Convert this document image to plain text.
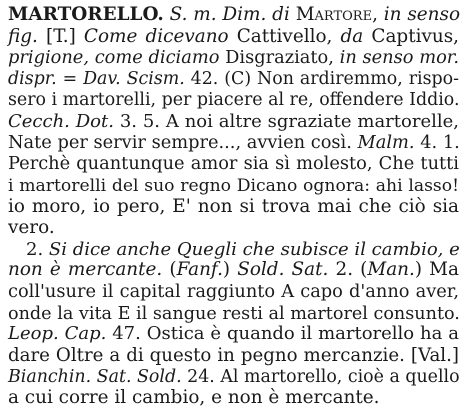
MARTORELLO. S. m. Dim. di Martore, in senso
fig. [T.] Come dicevano Cattivello, da Captivus,
prigione, come diciamo Disgraziato, in senso mor.
dispr. = Dav. Scism. 42. (C) Non ardiremmo, rispo-
sero i martorelli, per piacere al re, offendere Iddio.
Cecch. Dot. 3. 5. A noi altre sgraziate martorelle,
Nate per servir sempre..., avvien così. Malm. 4. 1.
Perchè quantunque amor sia sì molesto, Che tutti
i martorelli del suo regno Dicano ognora: ahi lasso!
io moro, io pero, E' non si trova mai che ciò sia
vero.
2. Si dice anche Quegli che subisce il cambio, e
non è mercante. (Fanf.) Sold. Sat. 2. (Man.) Ma
coll'usure il capital raggiunto A capo d'anno aver,
onde la vita E il sangue resti al martorel consunto.
Leop. Cap. 47. Ostica è quando il martorello ha a
dare Oltre a di questo in pegno mercanzie. [Val.]
Bianchin. Sat. Sold. 24. Al martorello, cioè a quello
a cui corre il cambio, e non è mercante.
